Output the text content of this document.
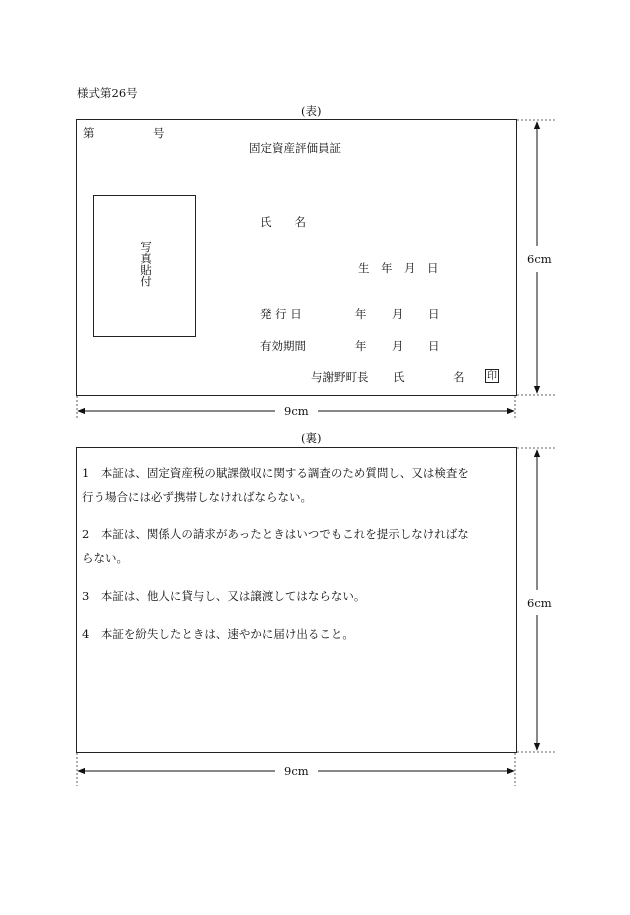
様式第26号
(表)
第	号
固定資産評価員証
写真貼付
氏　　名
生　年　月　日
発 行 日	年 月 日
有効期間	年 月 日
与謝野町長 氏	名 印
6cm
9cm
(裏)
1　本証は、固定資産税の賦課徴収に関する調査のため質問し、又は検査を
行う場合には必ず携帯しなければならない。
2　本証は、関係人の請求があったときはいつでもこれを提示しなければな
らない。
3　本証は、他人に貸与し、又は譲渡してはならない。
4　本証を紛失したときは、速やかに届け出ること。
6cm
9cm
